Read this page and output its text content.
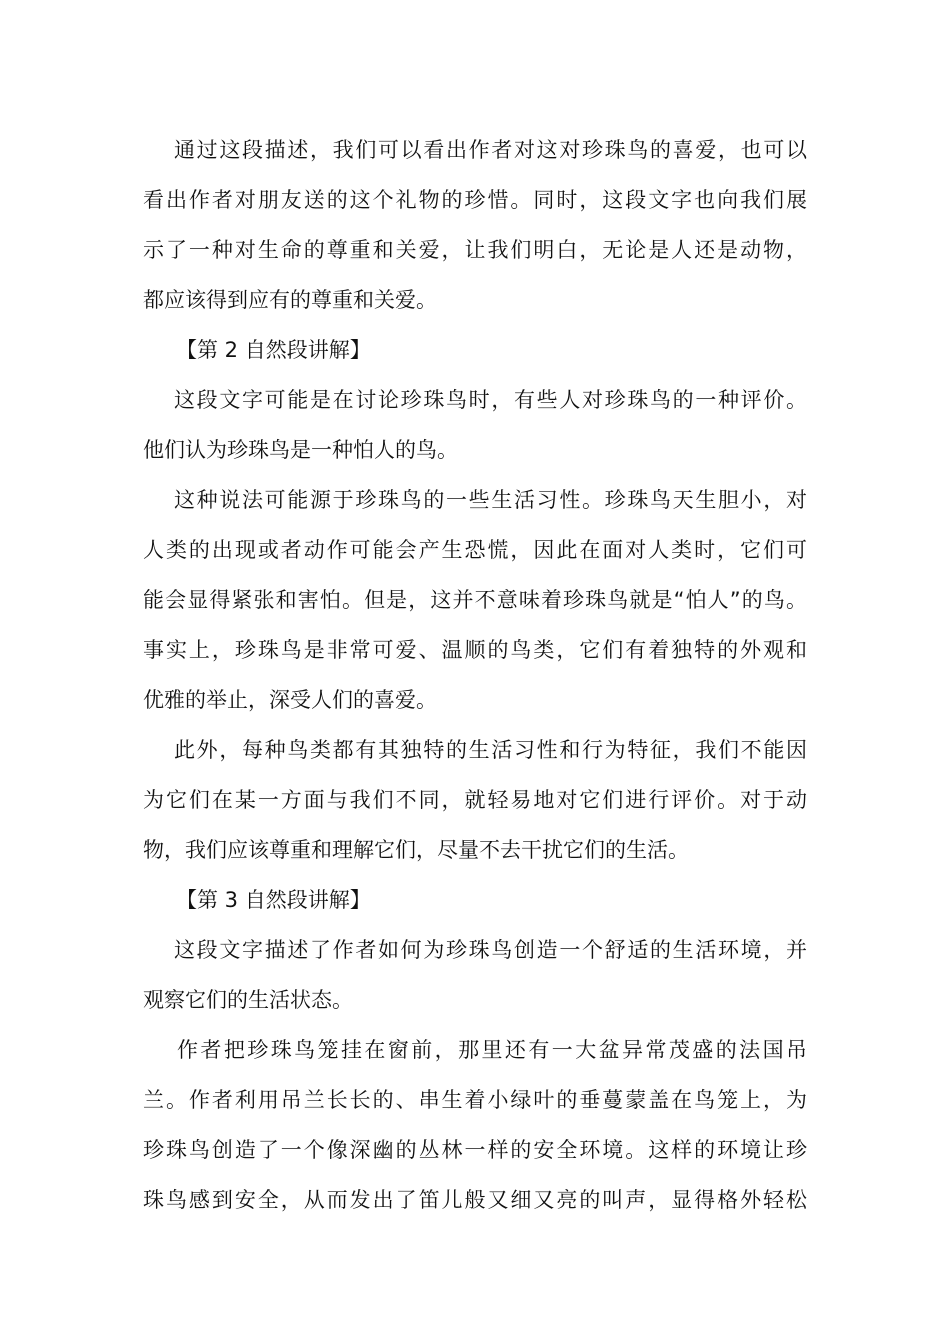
通过这段描述，我们可以看出作者对这对珍珠鸟的喜爱，也可以
看出作者对朋友送的这个礼物的珍惜。同时，这段文字也向我们展
示了一种对生命的尊重和关爱，让我们明白，无论是人还是动物，
都应该得到应有的尊重和关爱。
【第 2 自然段讲解】
这段文字可能是在讨论珍珠鸟时，有些人对珍珠鸟的一种评价。
他们认为珍珠鸟是一种怕人的鸟。
这种说法可能源于珍珠鸟的一些生活习性。珍珠鸟天生胆小，对
人类的出现或者动作可能会产生恐慌，因此在面对人类时，它们可
能会显得紧张和害怕。但是，这并不意味着珍珠鸟就是“怕人”的鸟。
事实上，珍珠鸟是非常可爱、温顺的鸟类，它们有着独特的外观和
优雅的举止，深受人们的喜爱。
此外，每种鸟类都有其独特的生活习性和行为特征，我们不能因
为它们在某一方面与我们不同，就轻易地对它们进行评价。对于动
物，我们应该尊重和理解它们，尽量不去干扰它们的生活。
【第 3 自然段讲解】
这段文字描述了作者如何为珍珠鸟创造一个舒适的生活环境，并
观察它们的生活状态。
作者把珍珠鸟笼挂在窗前，那里还有一大盆异常茂盛的法国吊
兰。作者利用吊兰长长的、串生着小绿叶的垂蔓蒙盖在鸟笼上，为
珍珠鸟创造了一个像深幽的丛林一样的安全环境。这样的环境让珍
珠鸟感到安全，从而发出了笛儿般又细又亮的叫声，显得格外轻松
